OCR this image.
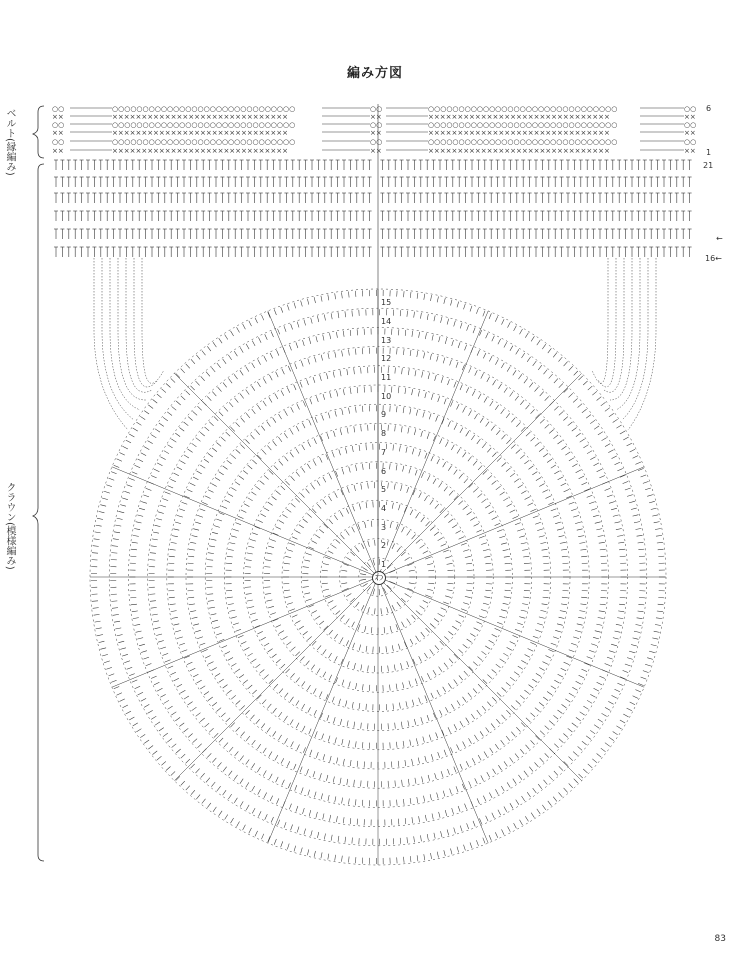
編み方図
○○	○○○○○○○○○○○○○○○○○○○○○○○○○○○○○○	○○	○○○○○○○○○○○○○○○○○○○○○○○○○○○○○○○	○○
××	××××××××××××××××××××××××××××××	××	×××××××××××××××××××××××××××××××	××
○○	○○○○○○○○○○○○○○○○○○○○○○○○○○○○○○	○○	○○○○○○○○○○○○○○○○○○○○○○○○○○○○○○○	○○
××	××××××××××××××××××××××××××××××	××	×××××××××××××××××××××××××××××××	××
○○	○○○○○○○○○○○○○○○○○○○○○○○○○○○○○○	○○	○○○○○○○○○○○○○○○○○○○○○○○○○○○○○○○	○○
××	××××××××××××××××××××××××××××××	××	×××××××××××××××××××××××××××××××	××
ベルト(縁編み)
クラウン(模様編み)
6
1
21
←
16←
1
2
3
4
5
6
7
8
9
10
11
12
13
14
15
わ
83
